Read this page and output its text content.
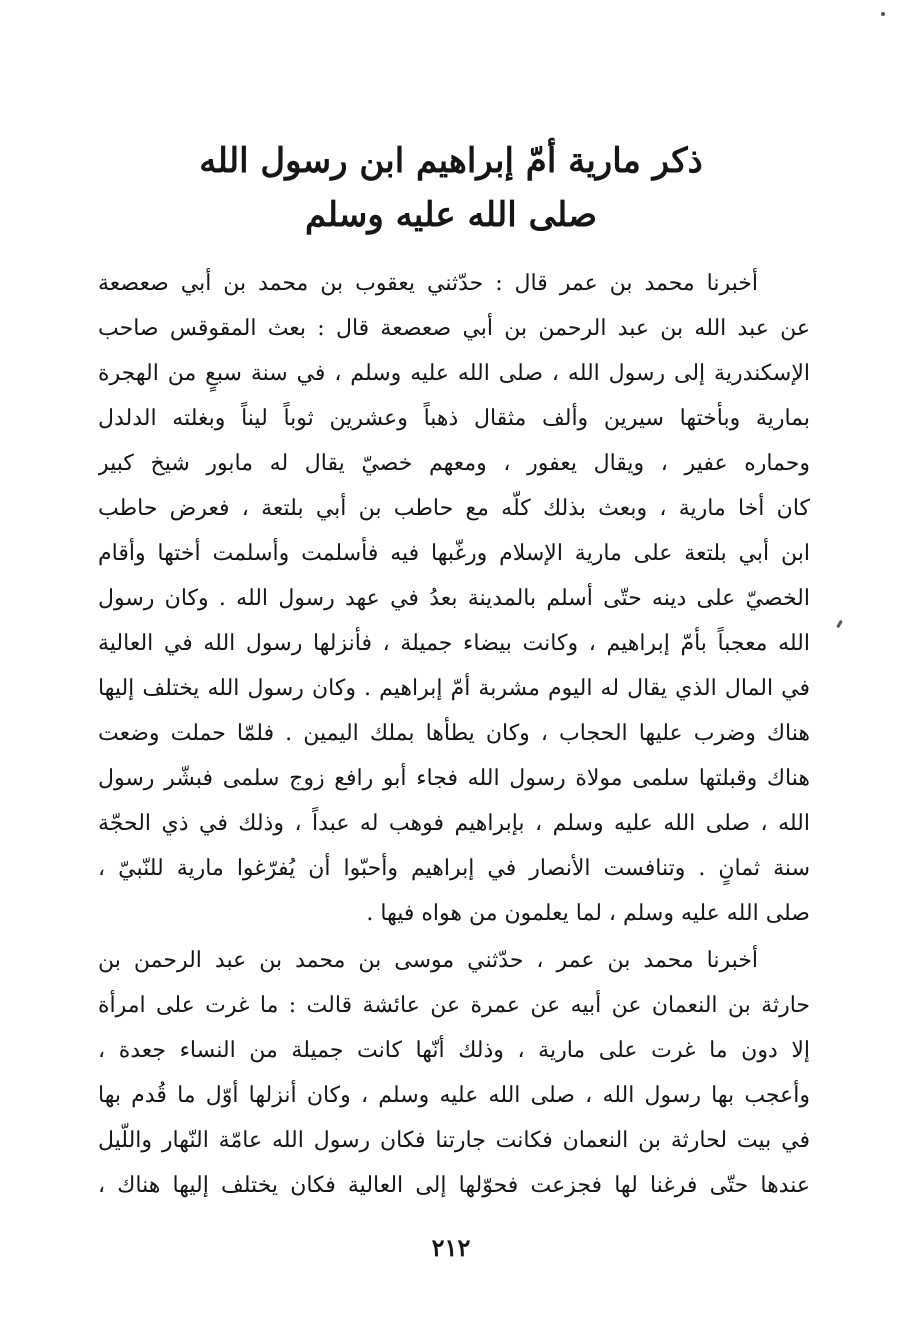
ذكر مارية أمّ إبراهيم ابن رسول الله
صلى الله عليه وسلم
أخبرنا محمد بن عمر قال : حدّثني يعقوب بن محمد بن أبي صعصعة
عن عبد الله بن عبد الرحمن بن أبي صعصعة قال : بعث المقوقس صاحب
الإسكندرية إلى رسول الله ، صلى الله عليه وسلم ، في سنة سبعٍ من الهجرة
بمارية وبأختها سيرين وألف مثقال ذهباً وعشرين ثوباً ليناً وبغلته الدلدل
وحماره عفير ، ويقال يعفور ، ومعهم خصيّ يقال له مابور شيخ كبير
كان أخا مارية ، وبعث بذلك كلّه مع حاطب بن أبي بلتعة ، فعرض حاطب
ابن أبي بلتعة على مارية الإسلام ورغّبها فيه فأسلمت وأسلمت أختها وأقام
الخصيّ على دينه حتّى أسلم بالمدينة بعدُ في عهد رسول الله . وكان رسول
الله معجباً بأمّ إبراهيم ، وكانت بيضاء جميلة ، فأنزلها رسول الله في العالية
في المال الذي يقال له اليوم مشربة أمّ إبراهيم . وكان رسول الله يختلف إليها
هناك وضرب عليها الحجاب ، وكان يطأها بملك اليمين . فلمّا حملت وضعت
هناك وقبلتها سلمى مولاة رسول الله فجاء أبو رافع زوج سلمى فبشّر رسول
الله ، صلى الله عليه وسلم ، بإبراهيم فوهب له عبداً ، وذلك في ذي الحجّة
سنة ثمانٍ . وتنافست الأنصار في إبراهيم وأحبّوا أن يُفرّغوا مارية للنّبيّ ،
صلى الله عليه وسلم ، لما يعلمون من هواه فيها .
أخبرنا محمد بن عمر ، حدّثني موسى بن محمد بن عبد الرحمن بن
حارثة بن النعمان عن أبيه عن عمرة عن عائشة قالت : ما غرت على امرأة
إلا دون ما غرت على مارية ، وذلك أنّها كانت جميلة من النساء جعدة ،
وأعجب بها رسول الله ، صلى الله عليه وسلم ، وكان أنزلها أوّل ما قُدم بها
في بيت لحارثة بن النعمان فكانت جارتنا فكان رسول الله عامّة النّهار واللّيل
عندها حتّى فرغنا لها فجزعت فحوّلها إلى العالية فكان يختلف إليها هناك ،
٢١٢
